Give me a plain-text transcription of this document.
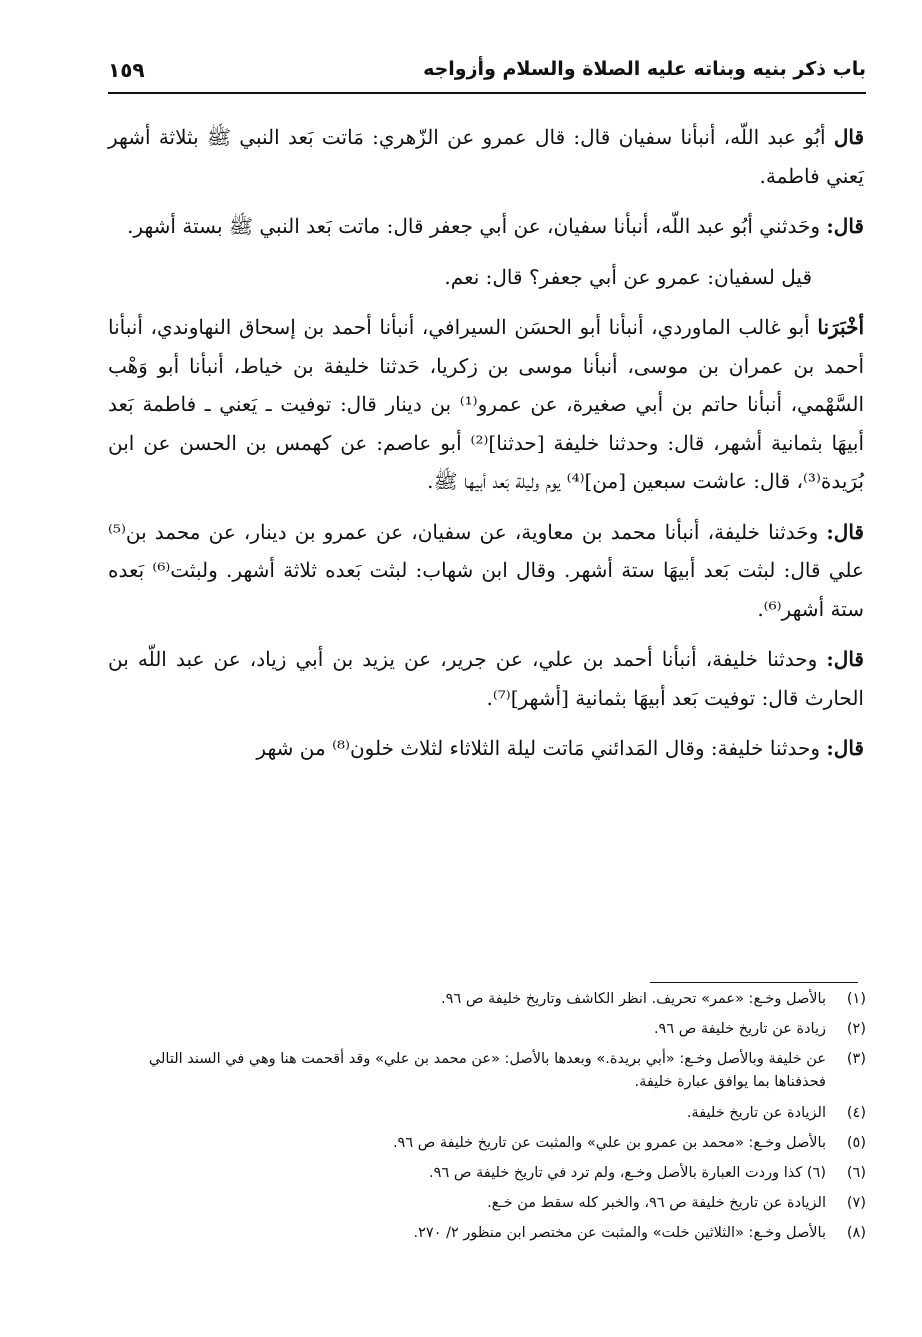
باب ذكر بنيه وبناته عليه الصلاة والسلام وأزواجه
١٥٩

قال أبُو عبد اللّه، أنبأنا سفيان قال: قال عمرو عن الزّهري: مَاتت بَعد النبي ﷺ بثلاثة أشهر يَعني فاطمة.

قال: وحَدثني أبُو عبد اللّه، أنبأنا سفيان، عن أبي جعفر قال: ماتت بَعد النبي ﷺ بستة أشهر.

قيل لسفيان: عمرو عن أبي جعفر؟ قال: نعم.

أخْبَرَنا أبو غالب الماوردي، أنبأنا أبو الحسَن السيرافي، أنبأنا أحمد بن إسحاق النهاوندي، أنبأنا أحمد بن عمران بن موسى، أنبأنا موسى بن زكريا، حَدثنا خليفة بن خياط، أنبأنا أبو وَهْب السَّهْمي، أنبأنا حاتم بن أبي صغيرة، عن عمرو⁽¹⁾ بن دينار قال: توفيت ـ يَعني ـ فاطمة بَعد أبيهَا بثمانية أشهر، قال: وحدثنا خليفة [حدثنا]⁽²⁾ أبو عاصم: عن كهمس بن الحسن عن ابن بُرَيدة⁽³⁾، قال: عاشت سبعين [من]⁽⁴⁾ يوم وليلة بَعد أبيها ﷺ.

قال: وحَدثنا خليفة، أنبأنا محمد بن معاوية، عن سفيان، عن عمرو بن دينار، عن محمد بن⁽⁵⁾ علي قال: لبثت بَعد أبيهَا ستة أشهر. وقال ابن شهاب: لبثت بَعده ثلاثة أشهر. ولبثت⁽⁶⁾ بَعده ستة أشهر⁽⁶⁾.

قال: وحدثنا خليفة، أنبأنا أحمد بن علي، عن جرير، عن يزيد بن أبي زياد، عن عبد اللّه بن الحارث قال: توفيت بَعد أبيهَا بثمانية [أشهر]⁽⁷⁾.

قال: وحدثنا خليفة: وقال المَدائني مَاتت ليلة الثلاثاء لثلاث خلون⁽⁸⁾ من شهر

(١)
بالأصل وخـع: «عمر» تحريف. انظر الكاشف وتاريخ خليفة ص ٩٦.
(٢)
زيادة عن تاريخ خليفة ص ٩٦.
(٣)
عن خليفة وبالأصل وخـع: «أبي بريدة.» وبعدها بالأصل: «عن محمد بن علي» وقد أقحمت هنا وهي في السند التالي فحذفناها بما يوافق عبارة خليفة.
(٤)
الزيادة عن تاريخ خليفة.
(٥)
بالأصل وخـع: «محمد بن عمرو بن علي» والمثبت عن تاريخ خليفة ص ٩٦.
(٦)
(٦) كذا وردت العبارة بالأصل وخـع، ولم ترد في تاريخ خليفة ص ٩٦.
(٧)
الزيادة عن تاريخ خليفة ص ٩٦، والخبر كله سقط من خـع.
(٨)
بالأصل وخـع: «الثلاثين خلت» والمثبت عن مختصر ابن منظور ٢/ ٢٧٠.
